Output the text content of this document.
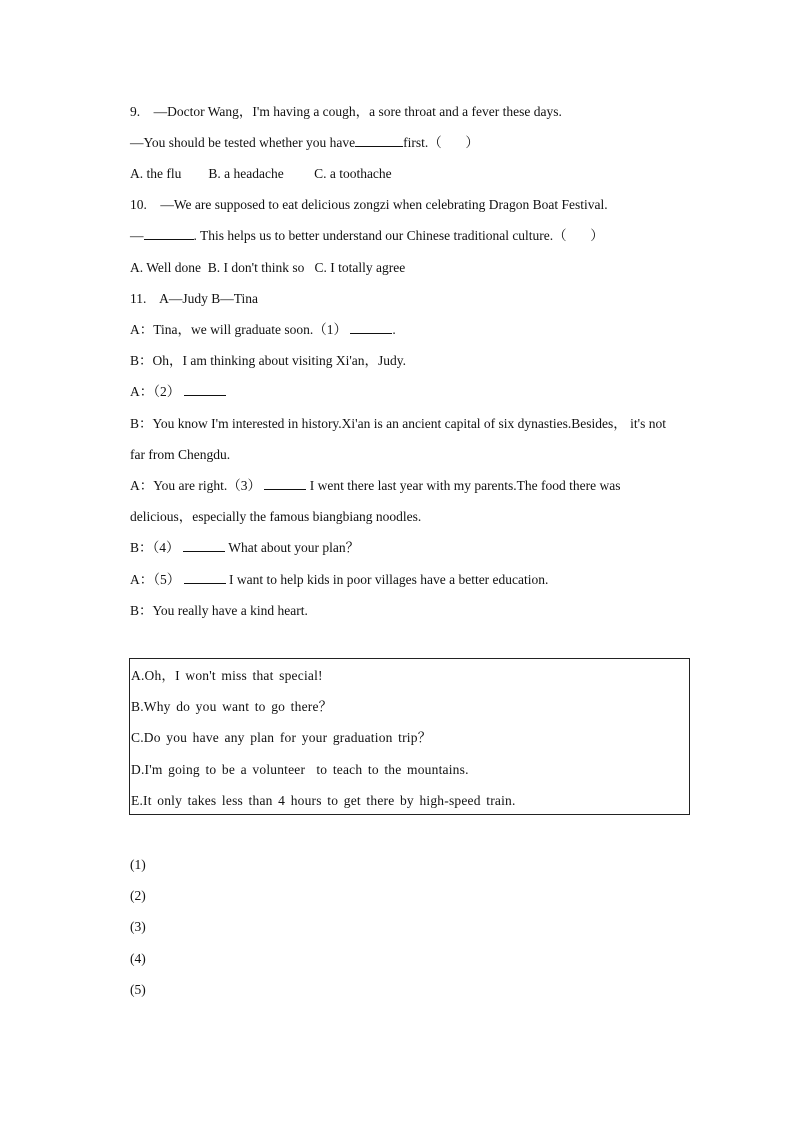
9.    —Doctor Wang，I'm having a cough，a sore throat and a fever these days.
—You should be tested whether you have	first.（       ）
A. the flu        B. a headache         C. a toothache
10.    —We are supposed to eat delicious zongzi when celebrating Dragon Boat Festival.
—	. This helps us to better understand our Chinese traditional culture.（       ）
A. Well done  B. I don't think so   C. I totally agree
11.    A—Judy B—Tina
A：Tina，we will graduate soon.（1）	.
B：Oh，I am thinking about visiting Xi'an，Judy.
A：（2）
B：You know I'm interested in history.Xi'an is an ancient capital of six dynasties.Besides， it's not
far from Chengdu.
A：You are right.（3）	I went there last year with my parents.The food there was
delicious，especially the famous biangbiang noodles.
B：（4）	What about your plan？
A：（5）	I want to help kids in poor villages have a better education.
B：You really have a kind heart.
A.Oh，I won't miss that special!
B.Why do you want to go there？
C.Do you have any plan for your graduation trip？
D.I'm going to be a volunteer  to teach to the mountains.
E.It only takes less than 4 hours to get there by high-speed train.
(1)
(2)
(3)
(4)
(5)
